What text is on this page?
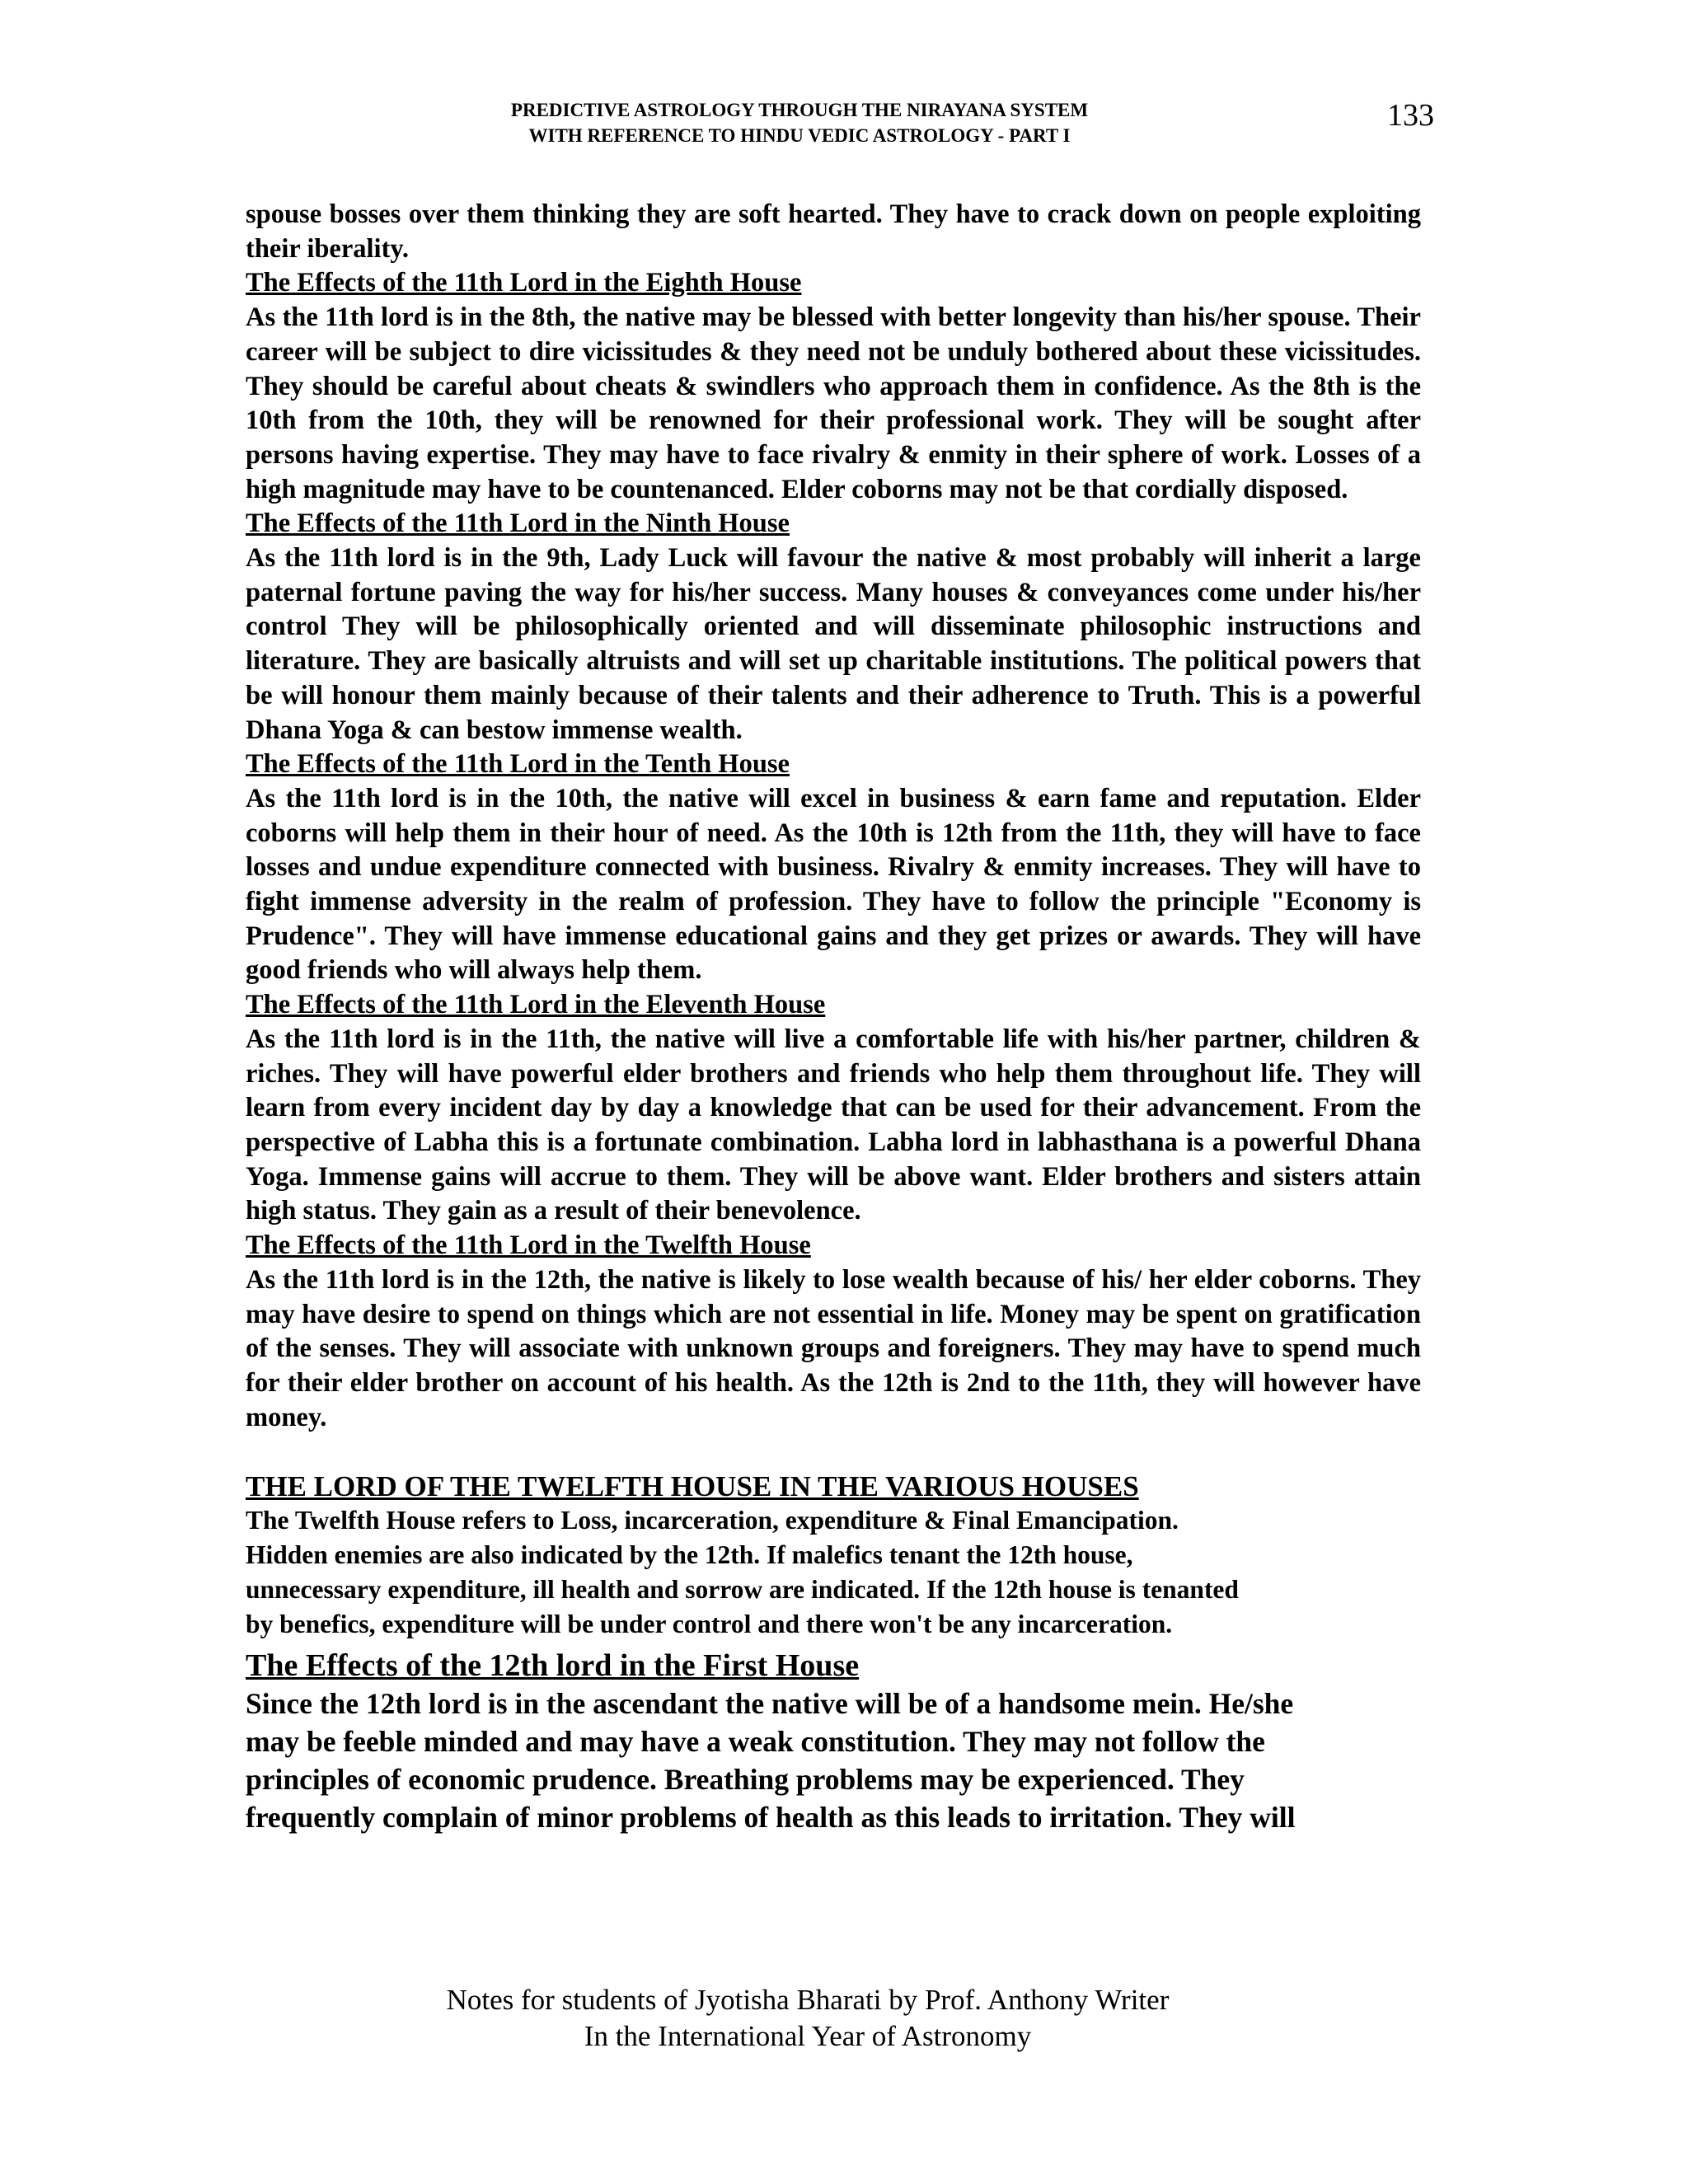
PREDICTIVE ASTROLOGY THROUGH THE NIRAYANA SYSTEM
WITH REFERENCE TO HINDU VEDIC ASTROLOGY - PART I
133

spouse bosses over them thinking they are soft hearted. They have to crack down on people exploiting their iberality.

The Effects of the 11th Lord in the Eighth House

As the 11th lord is in the 8th, the native may be blessed with better longevity than his/her spouse. Their career will be subject to dire vicissitudes & they need not be unduly bothered about these vicissitudes. They should be careful about cheats & swindlers who approach them in confidence. As the 8th is the 10th from the 10th, they will be renowned for their professional work. They will be sought after persons having expertise. They may have to face rivalry & enmity in their sphere of work. Losses of a high magnitude may have to be countenanced. Elder coborns may not be that cordially disposed.

The Effects of the 11th Lord in the Ninth House

As the 11th lord is in the 9th, Lady Luck will favour the native & most probably will inherit a large paternal fortune paving the way for his/her success. Many houses & conveyances come under his/her control They will be philosophically oriented and will disseminate philosophic instructions and literature. They are basically altruists and will set up charitable institutions. The political powers that be will honour them mainly because of their talents and their adherence to Truth. This is a powerful Dhana Yoga & can bestow immense wealth.

The Effects of the 11th Lord in the Tenth House

As the 11th lord is in the 10th, the native will excel in business & earn fame and reputation. Elder coborns will help them in their hour of need. As the 10th is 12th from the 11th, they will have to face losses and undue expenditure connected with business. Rivalry & enmity increases. They will have to fight immense adversity in the realm of profession. They have to follow the principle "Economy is Prudence". They will have immense educational gains and they get prizes or awards. They will have good friends who will always help them.

The Effects of the 11th Lord in the Eleventh House

As the 11th lord is in the 11th, the native will live a comfortable life with his/her partner, children & riches. They will have powerful elder brothers and friends who help them throughout life. They will learn from every incident day by day a knowledge that can be used for their advancement. From the perspective of Labha this is a fortunate combination. Labha lord in labhasthana is a powerful Dhana Yoga. Immense gains will accrue to them. They will be above want. Elder brothers and sisters attain high status. They gain as a result of their benevolence.

The Effects of the 11th Lord in the Twelfth House

As the 11th lord is in the 12th, the native is likely to lose wealth because of his/ her elder coborns. They may have desire to spend on things which are not essential in life. Money may be spent on gratification of the senses. They will associate with unknown groups and foreigners. They may have to spend much for their elder brother on account of his health. As the 12th is 2nd to the 11th, they will however have money.

THE LORD OF THE TWELFTH HOUSE IN THE VARIOUS HOUSES

The Twelfth House refers to Loss, incarceration, expenditure & Final Emancipation.

Hidden enemies are also indicated by the 12th. If malefics tenant the 12th house,

unnecessary expenditure, ill health and sorrow are indicated. If the 12th house is tenanted

by benefics, expenditure will be under control and there won't be any incarceration.

The Effects of the 12th lord in the First House

Since the 12th lord is in the ascendant the native will be of a handsome mein. He/she

may be feeble minded and may have a weak constitution. They may not follow the

principles of economic prudence. Breathing problems may be experienced. They

frequently complain of minor problems of health as this leads to irritation. They will

Notes for students of Jyotisha Bharati by Prof. Anthony Writer
In the International Year of Astronomy
